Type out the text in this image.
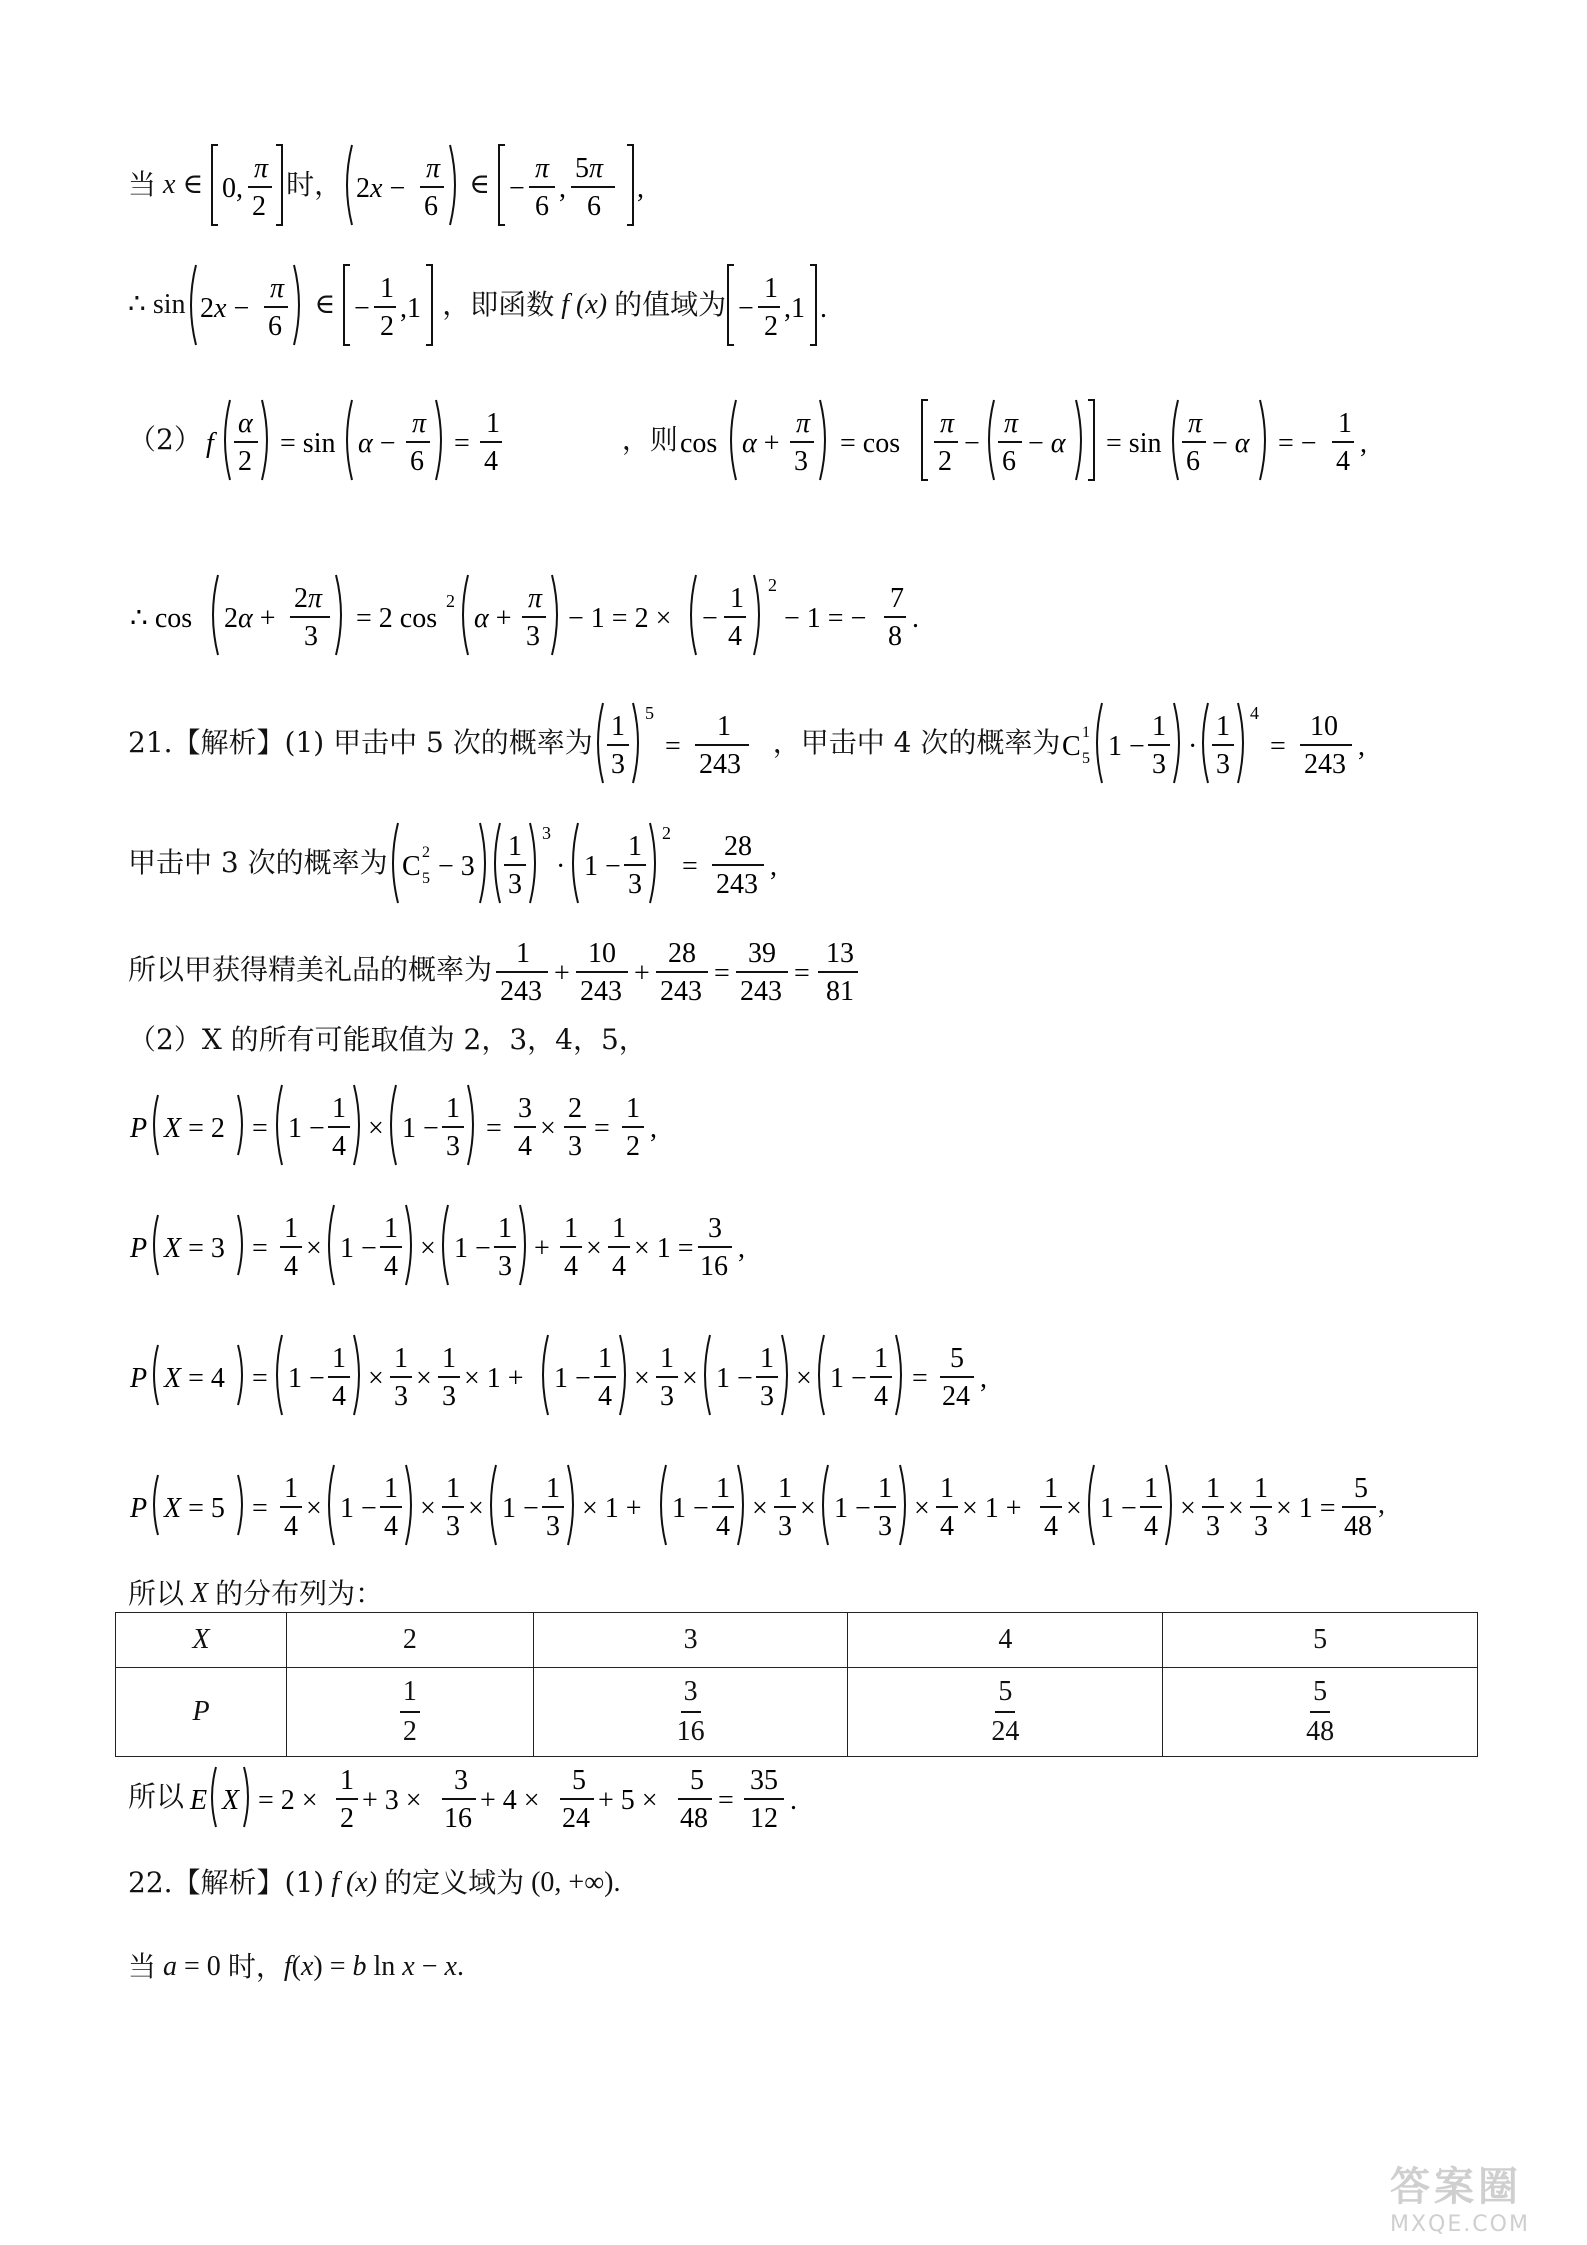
当 x ∈ 0,
π
2
时， 2x −
π
6
∈ −
π
6
,
5π
6
,
∴ sin 2x −
π
6
∈ −
1
2
,1 ，即函数 f (x) 的值域为 −
1
2
,1 .
（2） f
α
2
= sin α −
π
6
=
1
4
，则 cos α +
π
3
= cos
π
2
−
π
6
− α = sin
π
6
− α = −
1
4
,
∴ cos 2α +
2π
3
= 2 cos
2
α +
π
3
− 1 = 2 × −
1
4
2
− 1 = −
7
8
.
21.【解析】(1) 甲击中 5 次的概率为 1
3
5
=
1
243
，甲击中 4 次的概率为 C 1
5 1 −
1
3
·
1
3
4
=
10
243
,
甲击中 3 次的概率为 C 2
5 − 3
1
3
3
· 1 −
1
3
2
=
28
243
,
所以甲获得精美礼品的概率为 1
243
+
10
243
+
28
243
=
39
243
=
13
81
（2）X 的所有可能取值为 2，3，4，5，
P X = 2 = 1 −
1
4
× 1 −
1
3
=
3
4
×
2
3
=
1
2
,
P X = 3 =
1
4
× 1 −
1
4
× 1 −
1
3
+
1
4
×
1
4
× 1 =
3
16
,
P X = 4 = 1 −
1
4
×
1
3
×
1
3
× 1 + 1 −
1
4
×
1
3
× 1 −
1
3
× 1 −
1
4
=
5
24
,
P X = 5 =
1
4
× 1 −
1
4
×
1
3
× 1 −
1
3
× 1 + 1 −
1
4
×
1
3
× 1 −
1
3
×
1
4
× 1 +
1
4
× 1 −
1
4
×
1
3
×
1
3
× 1 =
5
48
,
所以 X 的分布列为：
X	2	3	4	5
P	$\frac{1}{2}$	$\frac{3}{16}$	$\frac{5}{24}$	$\frac{5}{48}$
所以 E X = 2 ×
1
2
+ 3 ×
3
16
+ 4 ×
5
24
+ 5 ×
5
48
=
35
12
.
22.【解析】(1) f (x) 的定义域为 (0, +∞).
当 a = 0 时， f(x) = b ln x − x.
答案圈
MXQE.COM
